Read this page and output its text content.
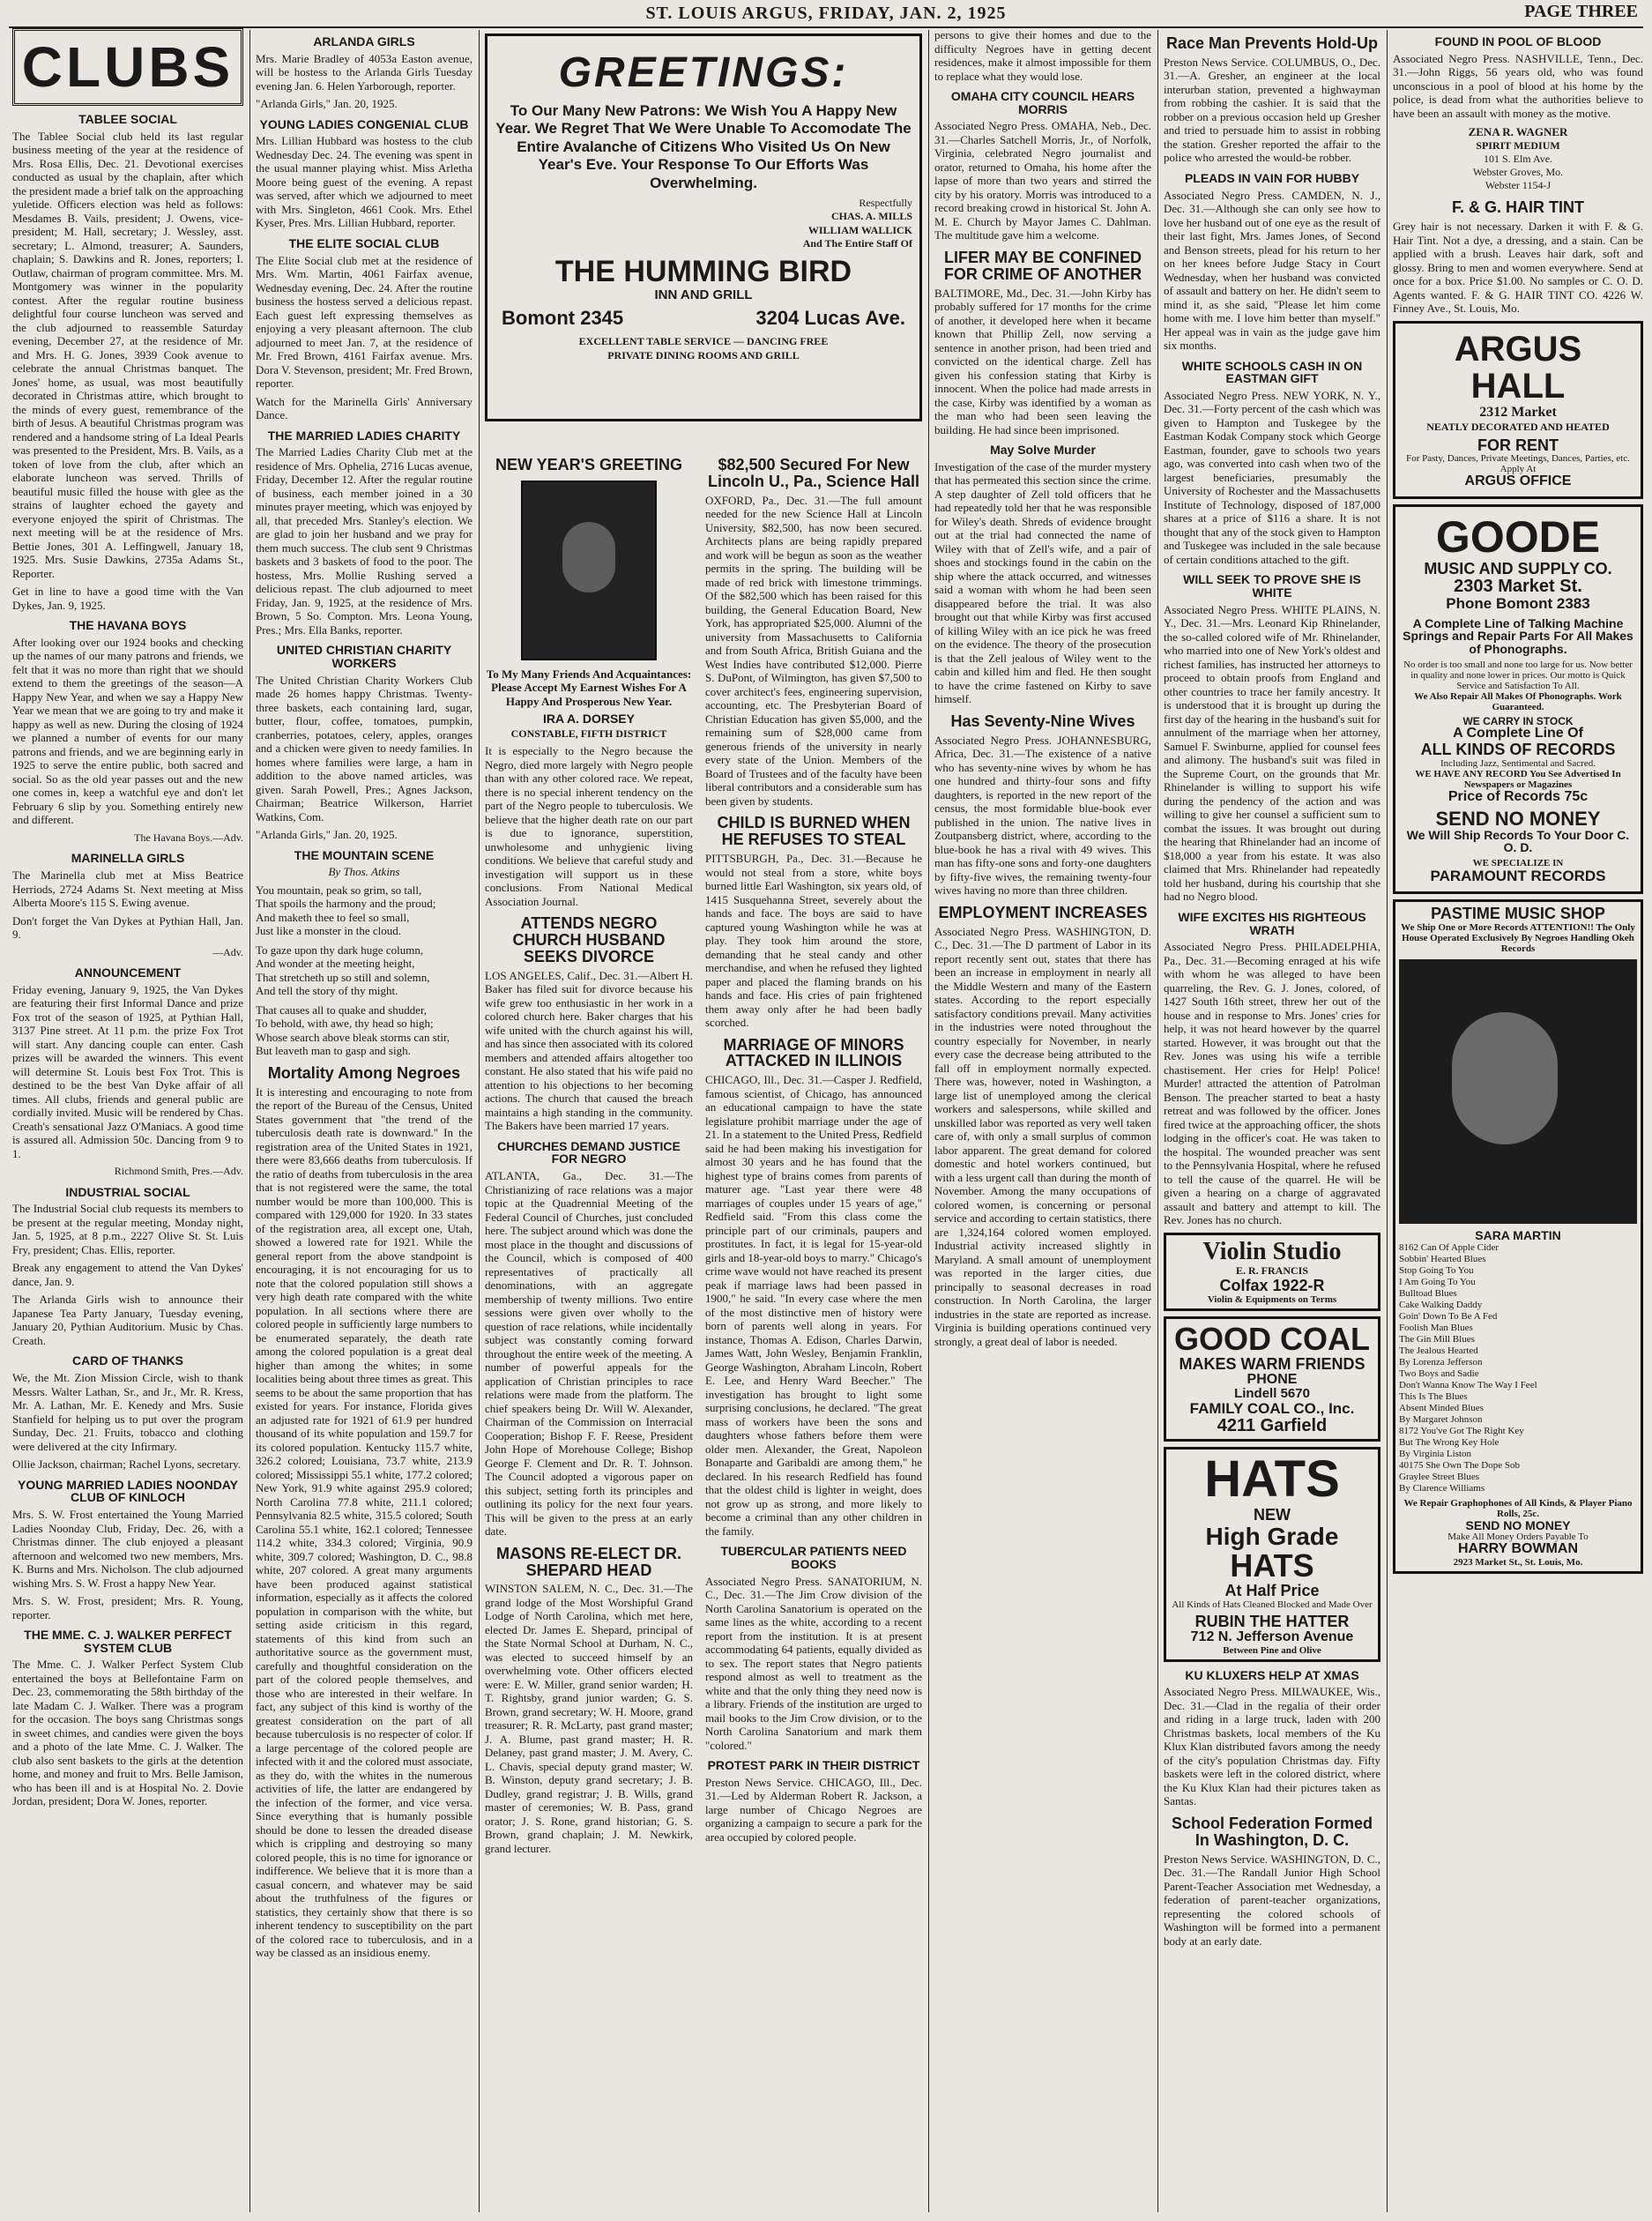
ST. LOUIS ARGUS, FRIDAY, JAN. 2, 1925	PAGE THREE
CLUBS
TABLEE SOCIAL

The Tablee Social club held its last regular business meeting of the year at the residence of Mrs. Rosa Ellis, Dec. 21. Devotional exercises conducted as usual by the chaplain, after which the president made a brief talk on the approaching yuletide. Officers election was held as follows: Mesdames B. Vails, president; J. Owens, vice-president; M. Hall, secretary; J. Wessley, asst. secretary; L. Almond, treasurer; A. Saunders, chaplain; S. Dawkins and R. Jones, reporters; I. Outlaw, chairman of program committee. Mrs. M. Montgomery was winner in the popularity contest. After the regular routine business delightful four course luncheon was served and the club adjourned to reassemble Saturday evening, December 27, at the residence of Mr. and Mrs. H. G. Jones, 3939 Cook avenue to celebrate the annual Christmas banquet. The Jones' home, as usual, was most beautifully decorated in Christmas attire, which brought to the minds of every guest, remembrance of the birth of Jesus. A beautiful Christmas program was rendered and a handsome string of La Ideal Pearls was presented to the President, Mrs. B. Vails, as a token of love from the club, after which an elaborate luncheon was served. Thrills of beautiful music filled the house with glee as the strains of laughter echoed the gayety and everyone enjoyed the spirit of Christmas. The next meeting will be at the residence of Mrs. Bettie Jones, 301 A. Leffingwell, January 18, 1925. Mrs. Susie Dawkins, 2735a Adams St., Reporter.

Get in line to have a good time with the Van Dykes, Jan. 9, 1925.

THE HAVANA BOYS

After looking over our 1924 books and checking up the names of our many patrons and friends, we felt that it was no more than right that we should extend to them the greetings of the season—A Happy New Year, and when we say a Happy New Year we mean that we are going to try and make it happy as well as new. During the closing of 1924 we planned a number of events for our many patrons and friends, and we are beginning early in 1925 to serve the entire public, both sacred and social. So as the old year passes out and the new one comes in, keep a watchful eye and don't let February 6 slip by you. Something entirely new and different.

The Havana Boys.—Adv.

MARINELLA GIRLS

The Marinella club met at Miss Beatrice Herriods, 2724 Adams St. Next meeting at Miss Alberta Moore's 115 S. Ewing avenue.

Don't forget the Van Dykes at Pythian Hall, Jan. 9.

—Adv.

ANNOUNCEMENT

Friday evening, January 9, 1925, the Van Dykes are featuring their first Informal Dance and prize Fox trot of the season of 1925, at Pythian Hall, 3137 Pine street. At 11 p.m. the prize Fox Trot will start. Any dancing couple can enter. Cash prizes will be awarded the winners. This event will determine St. Louis best Fox Trot. This is destined to be the best Van Dyke affair of all times. All clubs, friends and general public are cordially invited. Music will be rendered by Chas. Creath's sensational Jazz O'Maniacs. A good time is assured all. Admission 50c. Dancing from 9 to 1.

Richmond Smith, Pres.—Adv.

INDUSTRIAL SOCIAL

The Industrial Social club requests its members to be present at the regular meeting, Monday night, Jan. 5, 1925, at 8 p.m., 2227 Olive St. St. Luis Fry, president; Chas. Ellis, reporter.

Break any engagement to attend the Van Dykes' dance, Jan. 9.

The Arlanda Girls wish to announce their Japanese Tea Party January, Tuesday evening, January 20, Pythian Auditorium. Music by Chas. Creath.

CARD OF THANKS

We, the Mt. Zion Mission Circle, wish to thank Messrs. Walter Lathan, Sr., and Jr., Mr. R. Kress, Mr. A. Lathan, Mr. E. Kenedy and Mrs. Susie Stanfield for helping us to put over the program Sunday, Dec. 21. Fruits, tobacco and clothing were delivered at the city Infirmary.

Ollie Jackson, chairman; Rachel Lyons, secretary.

YOUNG MARRIED LADIES NOONDAY CLUB OF KINLOCH

Mrs. S. W. Frost entertained the Young Married Ladies Noonday Club, Friday, Dec. 26, with a Christmas dinner. The club enjoyed a pleasant afternoon and welcomed two new members, Mrs. K. Burns and Mrs. Nicholson. The club adjourned wishing Mrs. S. W. Frost a happy New Year.

Mrs. S. W. Frost, president; Mrs. R. Young, reporter.

THE MME. C. J. WALKER PERFECT SYSTEM CLUB

The Mme. C. J. Walker Perfect System Club entertained the boys at Bellefontaine Farm on Dec. 23, commemorating the 58th birthday of the late Madam C. J. Walker. There was a program for the occasion. The boys sang Christmas songs in sweet chimes, and candies were given the boys and a photo of the late Mme. C. J. Walker. The club also sent baskets to the girls at the detention home, and money and fruit to Mrs. Belle Jamison, who has been ill and is at Hospital No. 2. Dovie Jordan, president; Dora W. Jones, reporter.

ARLANDA GIRLS

Mrs. Marie Bradley of 4053a Easton avenue, will be hostess to the Arlanda Girls Tuesday evening Jan. 6. Helen Yarborough, reporter.

"Arlanda Girls," Jan. 20, 1925.

YOUNG LADIES CONGENIAL CLUB

Mrs. Lillian Hubbard was hostess to the club Wednesday Dec. 24. The evening was spent in the usual manner playing whist. Miss Arletha Moore being guest of the evening. A repast was served, after which we adjourned to meet with Mrs. Singleton, 4661 Cook. Mrs. Ethel Kyser, Pres. Mrs. Lillian Hubbard, reporter.

THE ELITE SOCIAL CLUB

The Elite Social club met at the residence of Mrs. Wm. Martin, 4061 Fairfax avenue, Wednesday evening, Dec. 24. After the routine business the hostess served a delicious repast. Each guest left expressing themselves as enjoying a very pleasant afternoon. The club adjourned to meet Jan. 7, at the residence of Mr. Fred Brown, 4161 Fairfax avenue. Mrs. Dora V. Stevenson, president; Mr. Fred Brown, reporter.

Watch for the Marinella Girls' Anniversary Dance.

THE MARRIED LADIES CHARITY

The Married Ladies Charity Club met at the residence of Mrs. Ophelia, 2716 Lucas avenue, Friday, December 12. After the regular routine of business, each member joined in a 30 minutes prayer meeting, which was enjoyed by all, that preceded Mrs. Stanley's election. We are glad to join her husband and we pray for them much success. The club sent 9 Christmas baskets and 3 baskets of food to the poor. The hostess, Mrs. Mollie Rushing served a delicious repast. The club adjourned to meet Friday, Jan. 9, 1925, at the residence of Mrs. Brown, 5 So. Compton. Mrs. Leona Young, Pres.; Mrs. Ella Banks, reporter.

UNITED CHRISTIAN CHARITY WORKERS

The United Christian Charity Workers Club made 26 homes happy Christmas. Twenty-three baskets, each containing lard, sugar, butter, flour, coffee, tomatoes, pumpkin, cranberries, potatoes, celery, apples, oranges and a chicken were given to needy families. In homes where families were large, a ham in addition to the above named articles, was given. Sarah Powell, Pres.; Agnes Jackson, Chairman; Beatrice Wilkerson, Harriet Watkins, Com.

"Arlanda Girls," Jan. 20, 1925.

THE MOUNTAIN SCENE

By Thos. Atkins

You mountain, peak so grim, so tall,

That spoils the harmony and the proud;

And maketh thee to feel so small,

Just like a monster in the cloud.

To gaze upon thy dark huge column,

And wonder at the meeting height,

That stretcheth up so still and solemn,

And tell the story of thy might.

That causes all to quake and shudder,

To behold, with awe, thy head so high;

Whose search above bleak storms can stir,

But leaveth man to gasp and sigh.

Mortality Among Negroes

It is interesting and encouraging to note from the report of the Bureau of the Census, United States government that "the trend of the tuberculosis death rate is downward." In the registration area of the United States in 1921, there were 83,666 deaths from tuberculosis. If the ratio of deaths from tuberculosis in the area that is not registered were the same, the total number would be more than 100,000. This is compared with 129,000 for 1920. In 33 states of the registration area, all except one, Utah, showed a lowered rate for 1921. While the general report from the above standpoint is encouraging, it is not encouraging for us to note that the colored population still shows a very high death rate compared with the white population. In all sections where there are colored people in sufficiently large numbers to be enumerated separately, the death rate among the colored population is a great deal higher than among the whites; in some localities being about three times as great. This seems to be about the same proportion that has existed for years. For instance, Florida gives an adjusted rate for 1921 of 61.9 per hundred thousand of its white population and 159.7 for its colored population. Kentucky 115.7 white, 326.2 colored; Louisiana, 73.7 white, 213.9 colored; Mississippi 55.1 white, 177.2 colored; New York, 91.9 white against 295.9 colored; North Carolina 77.8 white, 211.1 colored; Pennsylvania 82.5 white, 315.5 colored; South Carolina 55.1 white, 162.1 colored; Tennessee 114.2 white, 334.3 colored; Virginia, 90.9 white, 309.7 colored; Washington, D. C., 98.8 white, 207 colored. A great many arguments have been produced against statistical information, especially as it affects the colored population in comparison with the white, but setting aside criticism in this regard, statements of this kind from such an authoritative source as the government must, carefully and thoughtful consideration on the part of the colored people themselves, and those who are interested in their welfare. In fact, any subject of this kind is worthy of the greatest consideration on the part of all because tuberculosis is no respecter of color. If a large percentage of the colored people are infected with it and the colored must associate, as they do, with the whites in the numerous activities of life, the latter are endangered by the infection of the former, and vice versa. Since everything that is humanly possible should be done to lessen the dreaded disease which is crippling and destroying so many colored people, this is no time for ignorance or indifference. We believe that it is more than a casual concern, and whatever may be said about the truthfulness of the figures or statistics, they certainly show that there is so inherent tendency to susceptibility on the part of the colored race to tuberculosis, and in a way be classed as an insidious enemy.

GREETINGS:

To Our Many New Patrons: We Wish You A Happy New Year. We Regret That We Were Unable To Accomodate The Entire Avalanche of Citizens Who Visited Us On New Year's Eve. Your Response To Our Efforts Was Overwhelming.

Respectfully

CHAS. A. MILLS
WILLIAM WALLICK
And The Entire Staff Of

THE HUMMING BIRD
INN AND GRILL
Bomont 2345	3204 Lucas Ave.

EXCELLENT TABLE SERVICE — DANCING FREE
PRIVATE DINING ROOMS AND GRILL

NEW YEAR'S GREETING

To My Many Friends And Acquaintances: Please Accept My Earnest Wishes For A Happy And Prosperous New Year.

IRA A. DORSEY
CONSTABLE, FIFTH DISTRICT

It is especially to the Negro because the Negro, died more largely with Negro people than with any other colored race. We repeat, there is no special inherent tendency on the part of the Negro people to tuberculosis. We believe that the higher death rate on our part is due to ignorance, superstition, unwholesome and unhygienic living conditions. We believe that careful study and investigation will support us in these conclusions. From National Medical Association Journal.

ATTENDS NEGRO CHURCH HUSBAND SEEKS DIVORCE

LOS ANGELES, Calif., Dec. 31.—Albert H. Baker has filed suit for divorce because his wife grew too enthusiastic in her work in a colored church here. Baker charges that his wife united with the church against his will, and has since then associated with its colored members and attended affairs altogether too constant. He also stated that his wife paid no attention to his objections to her becoming actions. The church that caused the breach maintains a high standing in the community. The Bakers have been married 17 years.

CHURCHES DEMAND JUSTICE FOR NEGRO

ATLANTA, Ga., Dec. 31.—The Christianizing of race relations was a major topic at the Quadrennial Meeting of the Federal Council of Churches, just concluded here. The subject around which was done the most place in the thought and discussions of the Council, which is composed of 400 representatives of practically all denominations, with an aggregate membership of twenty millions. Two entire sessions were given over wholly to the question of race relations, while incidentally subject was constantly coming forward throughout the entire week of the meeting. A number of powerful appeals for the application of Christian principles to race relations were made from the platform. The chief speakers being Dr. Will W. Alexander, Chairman of the Commission on Interracial Cooperation; Bishop F. F. Reese, President John Hope of Morehouse College; Bishop George F. Clement and Dr. R. T. Johnson. The Council adopted a vigorous paper on this subject, setting forth its principles and outlining its policy for the next four years. This will be given to the press at an early date.

MASONS RE-ELECT DR. SHEPARD HEAD

WINSTON SALEM, N. C., Dec. 31.—The grand lodge of the Most Worshipful Grand Lodge of North Carolina, which met here, elected Dr. James E. Shepard, principal of the State Normal School at Durham, N. C., was elected to succeed himself by an overwhelming vote. Other officers elected were: E. W. Miller, grand senior warden; H. T. Rightsby, grand junior warden; G. S. Brown, grand secretary; W. H. Moore, grand treasurer; R. R. McLarty, past grand master; J. A. Blume, past grand master; H. R. Delaney, past grand master; J. M. Avery, C. L. Chavis, special deputy grand master; W. B. Winston, deputy grand secretary; J. B. Dudley, grand registrar; J. B. Wills, grand master of ceremonies; W. B. Pass, grand orator; J. S. Rone, grand historian; G. S. Brown, grand chaplain; J. M. Newkirk, grand lecturer.

$82,500 Secured For New Lincoln U., Pa., Science Hall

OXFORD, Pa., Dec. 31.—The full amount needed for the new Science Hall at Lincoln University, $82,500, has now been secured. Architects plans are being rapidly prepared and work will be begun as soon as the weather permits in the spring. The building will be made of red brick with limestone trimmings. Of the $82,500 which has been raised for this building, the General Education Board, New York, has appropriated $25,000. Alumni of the university from Massachusetts to California and from South Africa, British Guiana and the West Indies have contributed $12,000. Pierre S. DuPont, of Wilmington, has given $7,500 to cover architect's fees, engineering supervision, accounting, etc. The Presbyterian Board of Christian Education has given $5,000, and the remaining sum of $28,000 came from generous friends of the university in nearly every state of the Union. Members of the Board of Trustees and of the faculty have been liberal contributors and a considerable sum has been given by students.

CHILD IS BURNED WHEN HE REFUSES TO STEAL

PITTSBURGH, Pa., Dec. 31.—Because he would not steal from a store, white boys burned little Earl Washington, six years old, of 1415 Susquehanna Street, severely about the hands and face. The boys are said to have captured young Washington while he was at play. They took him around the store, demanding that he steal candy and other merchandise, and when he refused they lighted paper and placed the flaming brands on his hands and face. His cries of pain frightened them away only after he had been badly scorched.

MARRIAGE OF MINORS ATTACKED IN ILLINOIS

CHICAGO, Ill., Dec. 31.—Casper J. Redfield, famous scientist, of Chicago, has announced an educational campaign to have the state legislature prohibit marriage under the age of 21. In a statement to the United Press, Redfield said he had been making his investigation for almost 30 years and he has found that the highest type of brains comes from parents of maturer age. "Last year there were 48 marriages of couples under 15 years of age," Redfield said. "From this class come the principle part of our criminals, paupers and prostitutes. In fact, it is legal for 15-year-old girls and 18-year-old boys to marry." Chicago's crime wave would not have reached its present peak if marriage laws had been passed in 1900," he said. "In every case where the men of the most distinctive men of history were born of parents well along in years. For instance, Thomas A. Edison, Charles Darwin, James Watt, John Wesley, Benjamin Franklin, George Washington, Abraham Lincoln, Robert E. Lee, and Henry Ward Beecher." The investigation has brought to light some surprising conclusions, he declared. "The great mass of workers have been the sons and daughters whose fathers before them were older men. Alexander, the Great, Napoleon Bonaparte and Garibaldi are among them," he declared. In his research Redfield has found that the oldest child is lighter in weight, does not grow up as strong, and more likely to become a criminal than any other children in the family.

TUBERCULAR PATIENTS NEED BOOKS

Associated Negro Press. SANATORIUM, N. C., Dec. 31.—The Jim Crow division of the North Carolina Sanatorium is operated on the same lines as the white, according to a recent report from the institution. It is at present accommodating 64 patients, equally divided as to sex. The report states that Negro patients respond almost as well to treatment as the white and that the only thing they need now is a library. Friends of the institution are urged to mail books to the Jim Crow division, or to the North Carolina Sanatorium and mark them "colored."

PROTEST PARK IN THEIR DISTRICT

Preston News Service. CHICAGO, Ill., Dec. 31.—Led by Alderman Robert R. Jackson, a large number of Chicago Negroes are organizing a campaign to secure a park for the area occupied by colored people.

persons to give their homes and due to the difficulty Negroes have in getting decent residences, make it almost impossible for them to replace what they would lose.

OMAHA CITY COUNCIL HEARS MORRIS

Associated Negro Press. OMAHA, Neb., Dec. 31.—Charles Satchell Morris, Jr., of Norfolk, Virginia, celebrated Negro journalist and orator, returned to Omaha, his home after the lapse of more than two years and stirred the city by his oratory. Morris was introduced to a record breaking crowd in historical St. John A. M. E. Church by Mayor James C. Dahlman. The multitude gave him a welcome.

LIFER MAY BE CONFINED FOR CRIME OF ANOTHER

BALTIMORE, Md., Dec. 31.—John Kirby has probably suffered for 17 months for the crime of another, it developed here when it became known that Phillip Zell, now serving a sentence in another prison, had been tried and convicted on the identical charge. Zell has given his confession stating that Kirby is innocent. When the police had made arrests in the case, Kirby was identified by a woman as the man who had been seen leaving the building. He had since been imprisoned.

May Solve Murder

Investigation of the case of the murder mystery that has permeated this section since the crime. A step daughter of Zell told officers that he had repeatedly told her that he was responsible for Wiley's death. Shreds of evidence brought out at the trial had connected the name of Wiley with that of Zell's wife, and a pair of shoes and stockings found in the cabin on the ship where the attack occurred, and witnesses said a woman with whom he had been seen disappeared before the trial. It was also brought out that while Kirby was first accused of killing Wiley with an ice pick he was freed on the evidence. The theory of the prosecution is that the Zell jealous of Wiley went to the cabin and killed him and fled. He then sought to have the crime fastened on Kirby to save himself.

Has Seventy-Nine Wives

Associated Negro Press. JOHANNESBURG, Africa, Dec. 31.—The existence of a native who has seventy-nine wives by whom he has one hundred and thirty-four sons and fifty daughters, is reported in the new report of the census, the most formidable blue-book ever published in the union. The native lives in Zoutpansberg district, where, according to the blue-book he has a rival with 49 wives. This man has fifty-one sons and forty-one daughters by fifty-five wives, the remaining twenty-four wives having no more than three children.

EMPLOYMENT INCREASES

Associated Negro Press. WASHINGTON, D. C., Dec. 31.—The D partment of Labor in its report recently sent out, states that there has been an increase in employment in nearly all the Middle Western and many of the Eastern states. According to the report especially satisfactory conditions prevail. Many activities in the industries were noted throughout the country especially for November, in nearly every case the decrease being attributed to the fall off in employment normally expected. There was, however, noted in Washington, a large list of unemployed among the clerical workers and salespersons, while skilled and unskilled labor was reported as very well taken care of, with only a small surplus of common labor apparent. The great demand for colored domestic and hotel workers continued, but with a less urgent call than during the month of November. Among the many occupations of colored women, is concerning or personal service and according to certain statistics, there are 1,324,164 colored women employed. Industrial activity increased slightly in Maryland. A small amount of unemployment was reported in the larger cities, due principally to seasonal decreases in road construction. In North Carolina, the larger industries in the state are reported as increase. Virginia is building operations continued very strongly, a great deal of labor is needed.

Race Man Prevents Hold-Up

Preston News Service. COLUMBUS, O., Dec. 31.—A. Gresher, an engineer at the local interurban station, prevented a highwayman from robbing the cashier. It is said that the robber on a previous occasion held up Gresher and tried to persuade him to assist in robbing the station. Gresher reported the affair to the police who arrested the would-be robber.

PLEADS IN VAIN FOR HUBBY

Associated Negro Press. CAMDEN, N. J., Dec. 31.—Although she can only see how to love her husband out of one eye as the result of their last fight, Mrs. James Jones, of Second and Benson streets, plead for his return to her on her knees before Judge Stacy in Court Wednesday, when her husband was convicted of assault and battery on her. He didn't seem to mind it, as she said, "Please let him come home with me. I love him better than myself." Her appeal was in vain as the judge gave him six months.

WHITE SCHOOLS CASH IN ON EASTMAN GIFT

Associated Negro Press. NEW YORK, N. Y., Dec. 31.—Forty percent of the cash which was given to Hampton and Tuskegee by the Eastman Kodak Company stock which George Eastman, founder, gave to schools two years ago, was converted into cash when two of the largest beneficiaries, presumably the University of Rochester and the Massachusetts Institute of Technology, disposed of 187,000 shares at a price of $116 a share. It is not thought that any of the stock given to Hampton and Tuskegee was included in the sale because of certain conditions attached to the gift.

WILL SEEK TO PROVE SHE IS WHITE

Associated Negro Press. WHITE PLAINS, N. Y., Dec. 31.—Mrs. Leonard Kip Rhinelander, the so-called colored wife of Mr. Rhinelander, who married into one of New York's oldest and richest families, has instructed her attorneys to proceed to obtain proofs from England and other countries to trace her family ancestry. It is understood that it is brought up during the first day of the hearing in the husband's suit for annulment of the marriage when her attorney, Samuel F. Swinburne, applied for counsel fees and alimony. The husband's suit was filed in the Supreme Court, on the grounds that Mr. Rhinelander is willing to support his wife during the pendency of the action and was willing to give her counsel a sufficient sum to combat the issues. It was brought out during the hearing that Rhinelander had an income of $18,000 a year from his estate. It was also claimed that Mrs. Rhinelander had repeatedly told her husband, during his courtship that she had no Negro blood.

WIFE EXCITES HIS RIGHTEOUS WRATH

Associated Negro Press. PHILADELPHIA, Pa., Dec. 31.—Becoming enraged at his wife with whom he was alleged to have been quarreling, the Rev. G. J. Jones, colored, of 1427 South 16th street, threw her out of the house and in response to Mrs. Jones' cries for help, it was not heard however by the quarrel started. However, it was brought out that the Rev. Jones was using his wife a terrible chastisement. Her cries for Help! Police! Murder! attracted the attention of Patrolman Benson. The preacher started to beat a hasty retreat and was followed by the officer. Jones fired twice at the approaching officer, the shots lodging in the officer's coat. He was taken to the hospital. The wounded preacher was sent to the Pennsylvania Hospital, where he refused to tell the cause of the quarrel. He will be given a hearing on a charge of aggravated assault and battery and attempt to kill. The Rev. Jones has no church.

Violin Studio
E. R. FRANCIS
Colfax 1922-R
Violin & Equipments on Terms
GOOD COAL
MAKES WARM FRIENDS
PHONE
Lindell 5670
FAMILY COAL CO., Inc.
4211 Garfield
HATS
NEW
High Grade
HATS
At Half Price
All Kinds of Hats Cleaned Blocked and Made Over
RUBIN THE HATTER
712 N. Jefferson Avenue
Between Pine and Olive
KU KLUXERS HELP AT XMAS

Associated Negro Press. MILWAUKEE, Wis., Dec. 31.—Clad in the regalia of their order and riding in a large truck, laden with 200 Christmas baskets, local members of the Ku Klux Klan distributed favors among the needy of the city's population Christmas day. Fifty baskets were left in the colored district, where the Ku Klux Klan had their pictures taken as Santas.

School Federation Formed In Washington, D. C.

Preston News Service. WASHINGTON, D. C., Dec. 31.—The Randall Junior High School Parent-Teacher Association met Wednesday, a federation of parent-teacher organizations, representing the colored schools of Washington will be formed into a permanent body at an early date.

FOUND IN POOL OF BLOOD

Associated Negro Press. NASHVILLE, Tenn., Dec. 31.—John Riggs, 56 years old, who was found unconscious in a pool of blood at his home by the police, is dead from what the authorities believe to have been an assault with money as the motive.

ZENA R. WAGNER
SPIRIT MEDIUM
101 S. Elm Ave.
Webster Groves, Mo.
Webster 1154-J
F. & G. HAIR TINT

Grey hair is not necessary. Darken it with F. & G. Hair Tint. Not a dye, a dressing, and a stain. Can be applied with a brush. Leaves hair dark, soft and glossy. Bring to men and women everywhere. Send at once for a box. Price $1.00. No samples or C. O. D. Agents wanted. F. & G. HAIR TINT CO. 4226 W. Finney Ave., St. Louis, Mo.

ARGUS HALL
2312 Market
NEATLY DECORATED AND HEATED
FOR RENT
For Pasty, Dances, Private Meetings, Dances, Parties, etc.
Apply At
ARGUS OFFICE
GOODE
MUSIC AND SUPPLY CO.
2303 Market St.
Phone Bomont 2383
A Complete Line of Talking Machine Springs and Repair Parts For All Makes of Phonographs.
No order is too small and none too large for us. Now better in quality and none lower in prices. Our motto is Quick Service and Satisfaction To All.
We Also Repair All Makes Of Phonographs. Work Guaranteed.
WE CARRY IN STOCK
A Complete Line Of
ALL KINDS OF RECORDS
Including Jazz, Sentimental and Sacred.
WE HAVE ANY RECORD You See Advertised In Newspapers or Magazines
Price of Records 75c
SEND NO MONEY
We Will Ship Records To Your Door C. O. D.
WE SPECIALIZE IN
PARAMOUNT RECORDS
PASTIME MUSIC SHOP
We Ship One or More Records ATTENTION!! The Only House Operated Exclusively By Negroes Handling Okeh Records
SARA MARTIN

8162 Can Of Apple Cider

Sobbin' Hearted Blues

Stop Going To You

I Am Going To You

Bulltoad Blues

Cake Walking Daddy

Goin' Down To Be A Fed

Foolish Man Blues

The Gin Mill Blues

The Jealous Hearted

By Lorenza Jefferson

Two Boys and Sadie

Don't Wanna Know The Way I Feel

This Is The Blues

Absent Minded Blues

By Margaret Johnson

8172 You've Got The Right Key

But The Wrong Key Hole

By Virginia Liston

40175 She Own The Dope Sob

Graylee Street Blues

By Clarence Williams

We Repair Graphophones of All Kinds, & Player Piano Rolls, 25c.
SEND NO MONEY
Make All Money Orders Payable To
HARRY BOWMAN
2923 Market St., St. Louis, Mo.
